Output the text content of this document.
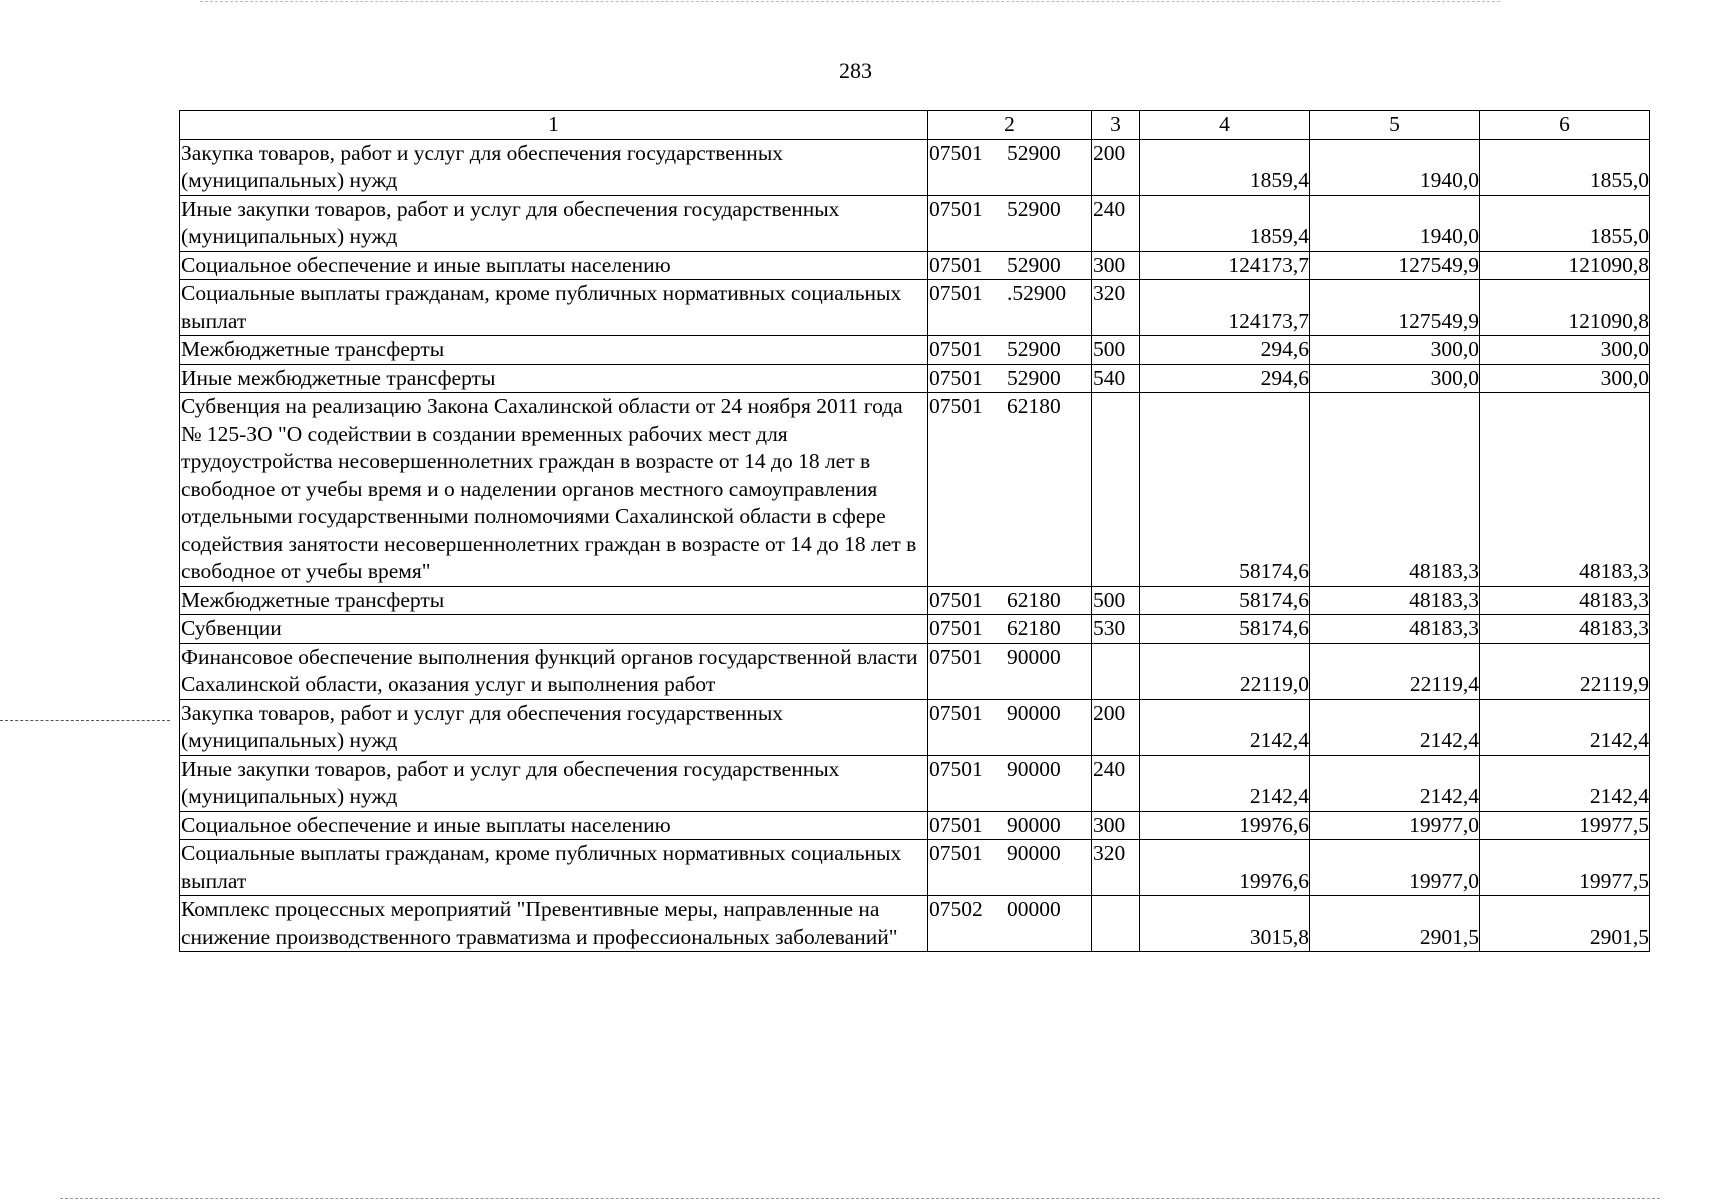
283
1	2	3	4	5	6
Закупка товаров, работ и услуг для обеспечения государственных (муниципальных) нужд	07501 52900	200	1859,4	1940,0	1855,0
Иные закупки товаров, работ и услуг для обеспечения государственных (муниципальных) нужд	07501 52900	240	1859,4	1940,0	1855,0
Социальное обеспечение и иные выплаты населению	07501 52900	300	124173,7	127549,9	121090,8
Социальные выплаты гражданам, кроме публичных нормативных социальных выплат	07501 .52900	320	124173,7	127549,9	121090,8
Межбюджетные трансферты	07501 52900	500	294,6	300,0	300,0
Иные межбюджетные трансферты	07501 52900	540	294,6	300,0	300,0
Субвенция на реализацию Закона Сахалинской области от 24 ноября 2011 года № 125-ЗО "О содействии в создании временных рабочих мест для трудоустройства несовершеннолетних граждан в возрасте от 14 до 18 лет в свободное от учебы время и о наделении органов местного самоуправления отдельными государственными полномочиями Сахалинской области в сфере содействия занятости несовершеннолетних граждан в возрасте от 14 до 18 лет в свободное от учебы время"	07501 62180		58174,6	48183,3	48183,3
Межбюджетные трансферты	07501 62180	500	58174,6	48183,3	48183,3
Субвенции	07501 62180	530	58174,6	48183,3	48183,3
Финансовое обеспечение выполнения функций органов государственной власти Сахалинской области, оказания услуг и выполнения работ	07501 90000		22119,0	22119,4	22119,9
Закупка товаров, работ и услуг для обеспечения государственных (муниципальных) нужд	07501 90000	200	2142,4	2142,4	2142,4
Иные закупки товаров, работ и услуг для обеспечения государственных (муниципальных) нужд	07501 90000	240	2142,4	2142,4	2142,4
Социальное обеспечение и иные выплаты населению	07501 90000	300	19976,6	19977,0	19977,5
Социальные выплаты гражданам, кроме публичных нормативных социальных выплат	07501 90000	320	19976,6	19977,0	19977,5
Комплекс процессных мероприятий "Превентивные меры, направленные на снижение производственного травматизма и профессиональных заболеваний"	07502 00000		3015,8	2901,5	2901,5
